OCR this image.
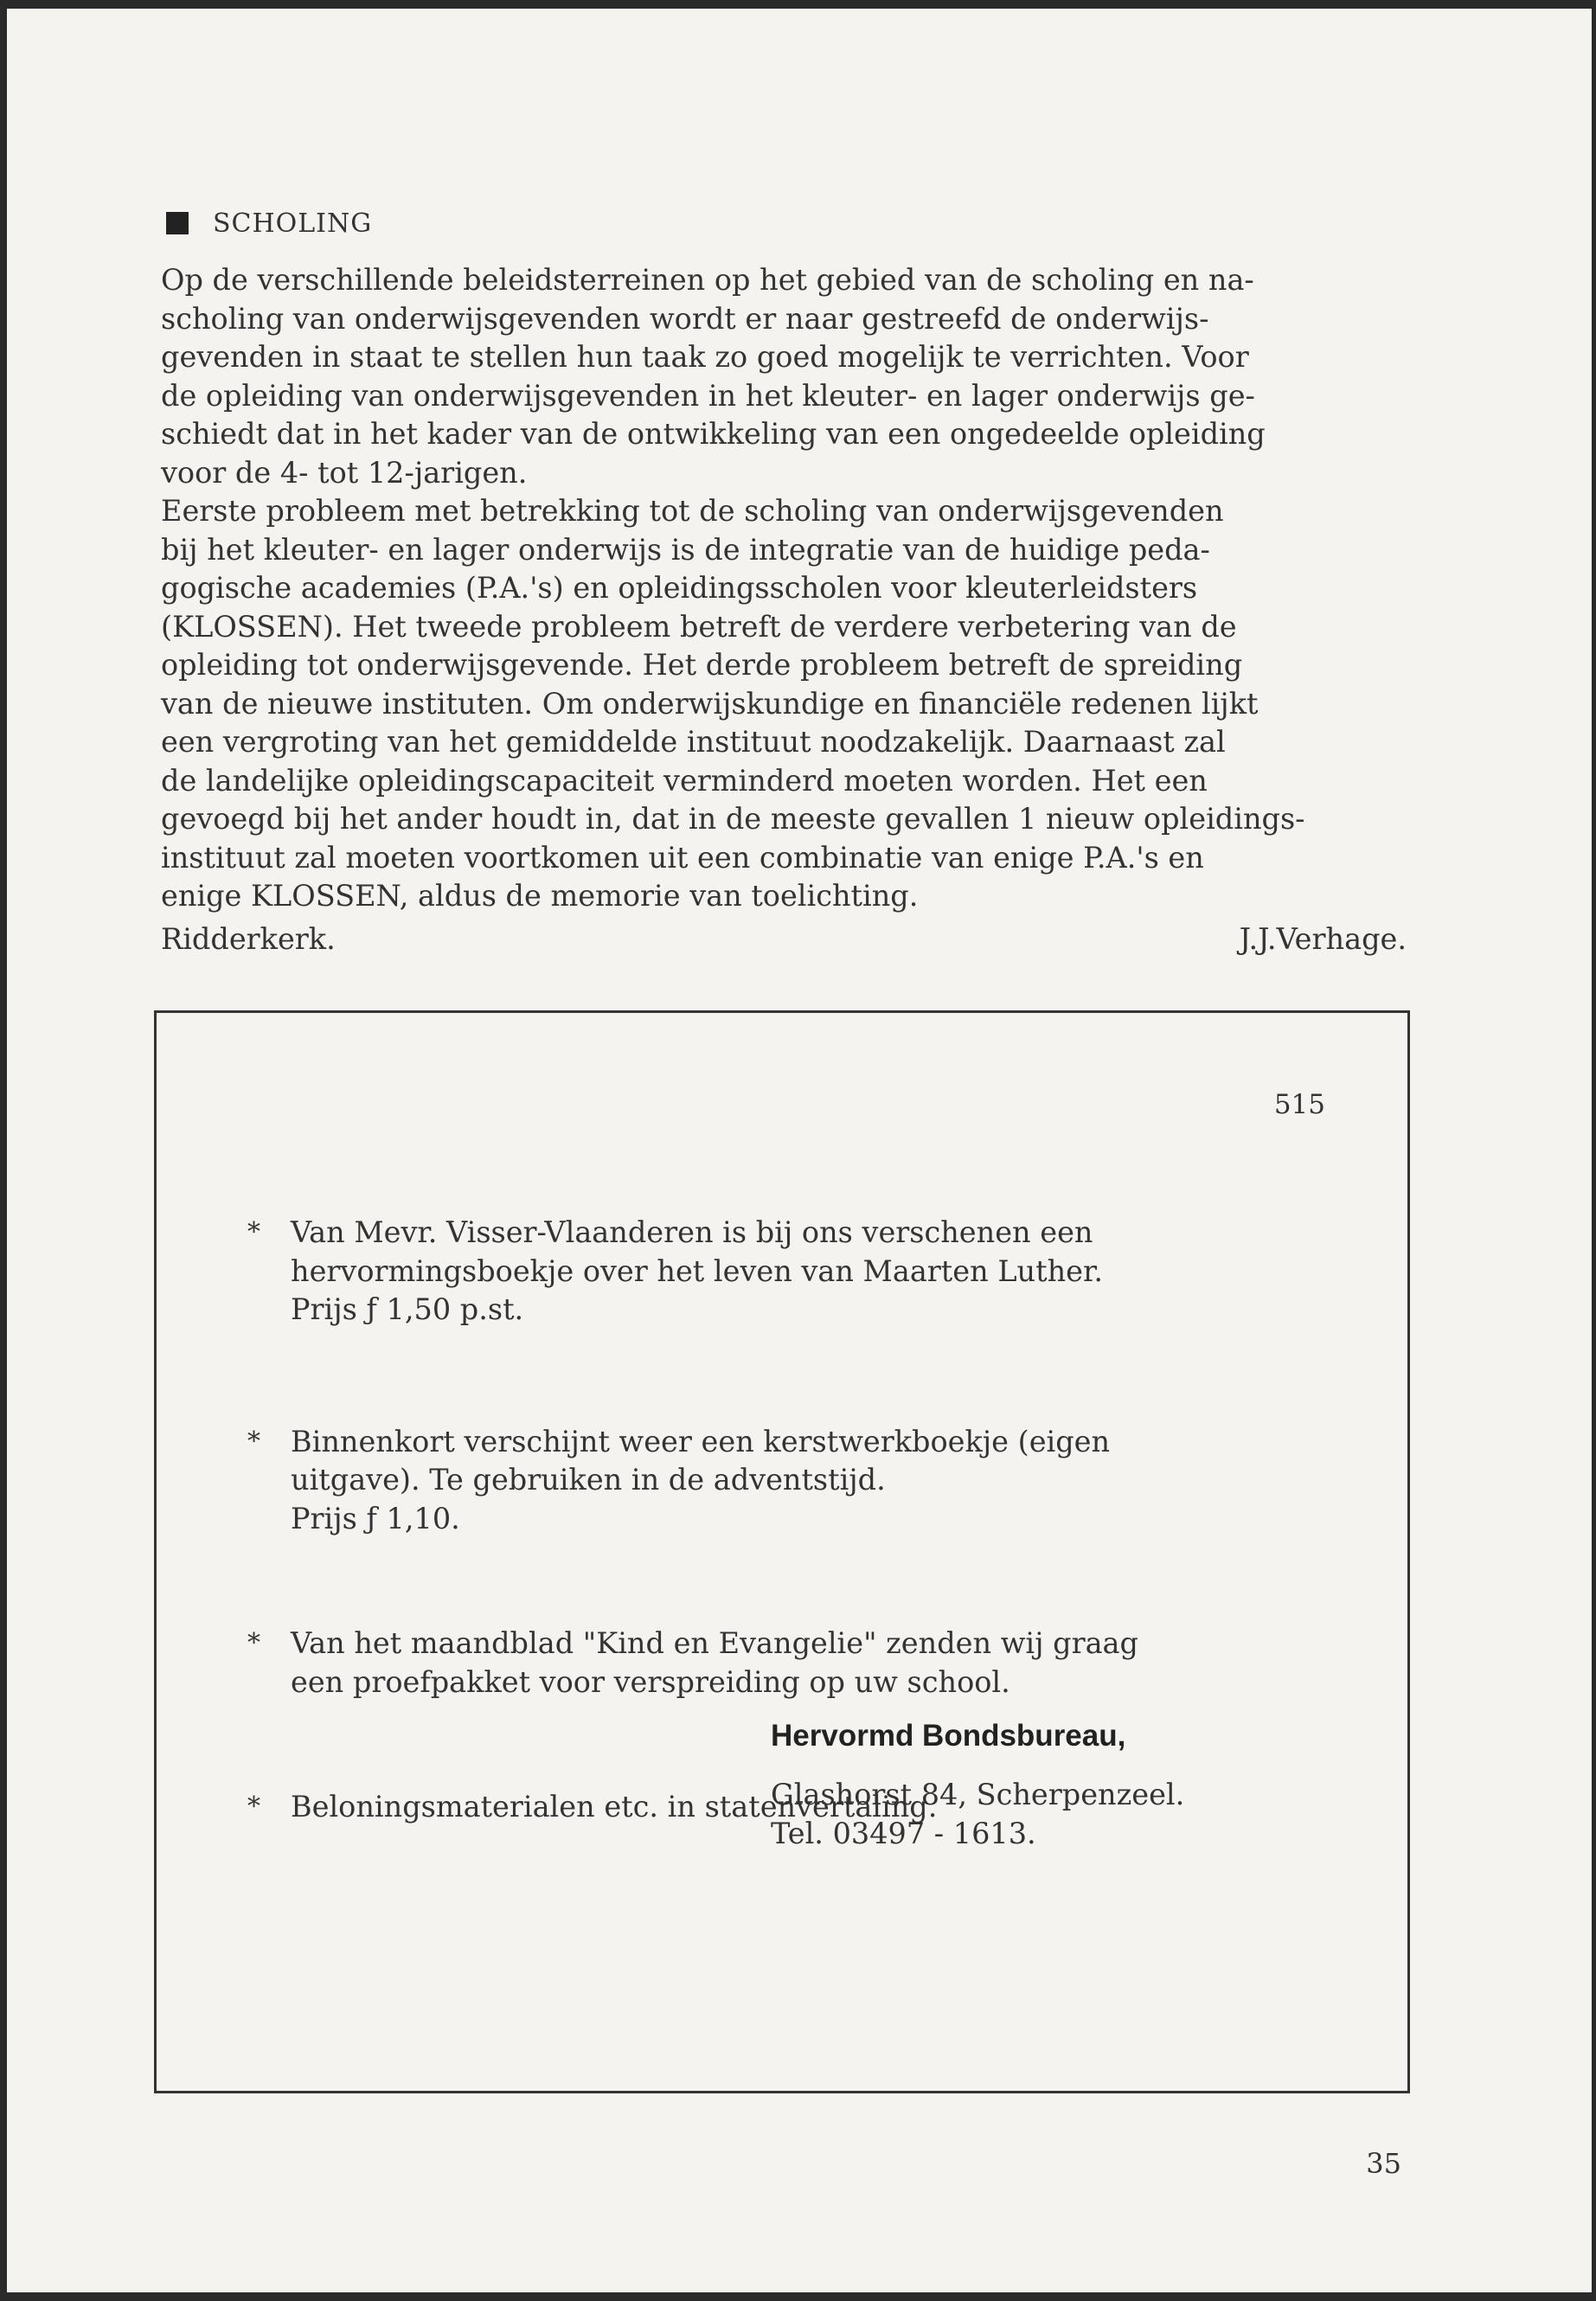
SCHOLING

Op de verschillende beleidsterreinen op het gebied van de scholing en na-
scholing van onderwijsgevenden wordt er naar gestreefd de onderwijs-
gevenden in staat te stellen hun taak zo goed mogelijk te verrichten. Voor
de opleiding van onderwijsgevenden in het kleuter- en lager onderwijs ge-
schiedt dat in het kader van de ontwikkeling van een ongedeelde opleiding
voor de 4- tot 12-jarigen.

Eerste probleem met betrekking tot de scholing van onderwijsgevenden
bij het kleuter- en lager onderwijs is de integratie van de huidige peda-
gogische academies (P.A.'s) en opleidingsscholen voor kleuterleidsters
(KLOSSEN). Het tweede probleem betreft de verdere verbetering van de
opleiding tot onderwijsgevende. Het derde probleem betreft de spreiding
van de nieuwe instituten. Om onderwijskundige en financiële redenen lijkt
een vergroting van het gemiddelde instituut noodzakelijk. Daarnaast zal
de landelijke opleidingscapaciteit verminderd moeten worden. Het een
gevoegd bij het ander houdt in, dat in de meeste gevallen 1 nieuw opleidings-
instituut zal moeten voortkomen uit een combinatie van enige P.A.'s en
enige KLOSSEN, aldus de memorie van toelichting.

Ridderkerk.	J.J.Verhage.
515
*	Van Mevr. Visser-Vlaanderen is bij ons verschenen een
hervormingsboekje over het leven van Maarten Luther.
Prijs ƒ 1,50 p.st.
*	Binnenkort verschijnt weer een kerstwerkboekje (eigen
uitgave). Te gebruiken in de adventstijd.
Prijs ƒ 1,10.
*	Van het maandblad "Kind en Evangelie" zenden wij graag
een proefpakket voor verspreiding op uw school.
*	Beloningsmaterialen etc. in statenvertaling.
Hervormd Bondsbureau,
Glashorst 84, Scherpenzeel.
Tel. 03497 - 1613.
35
